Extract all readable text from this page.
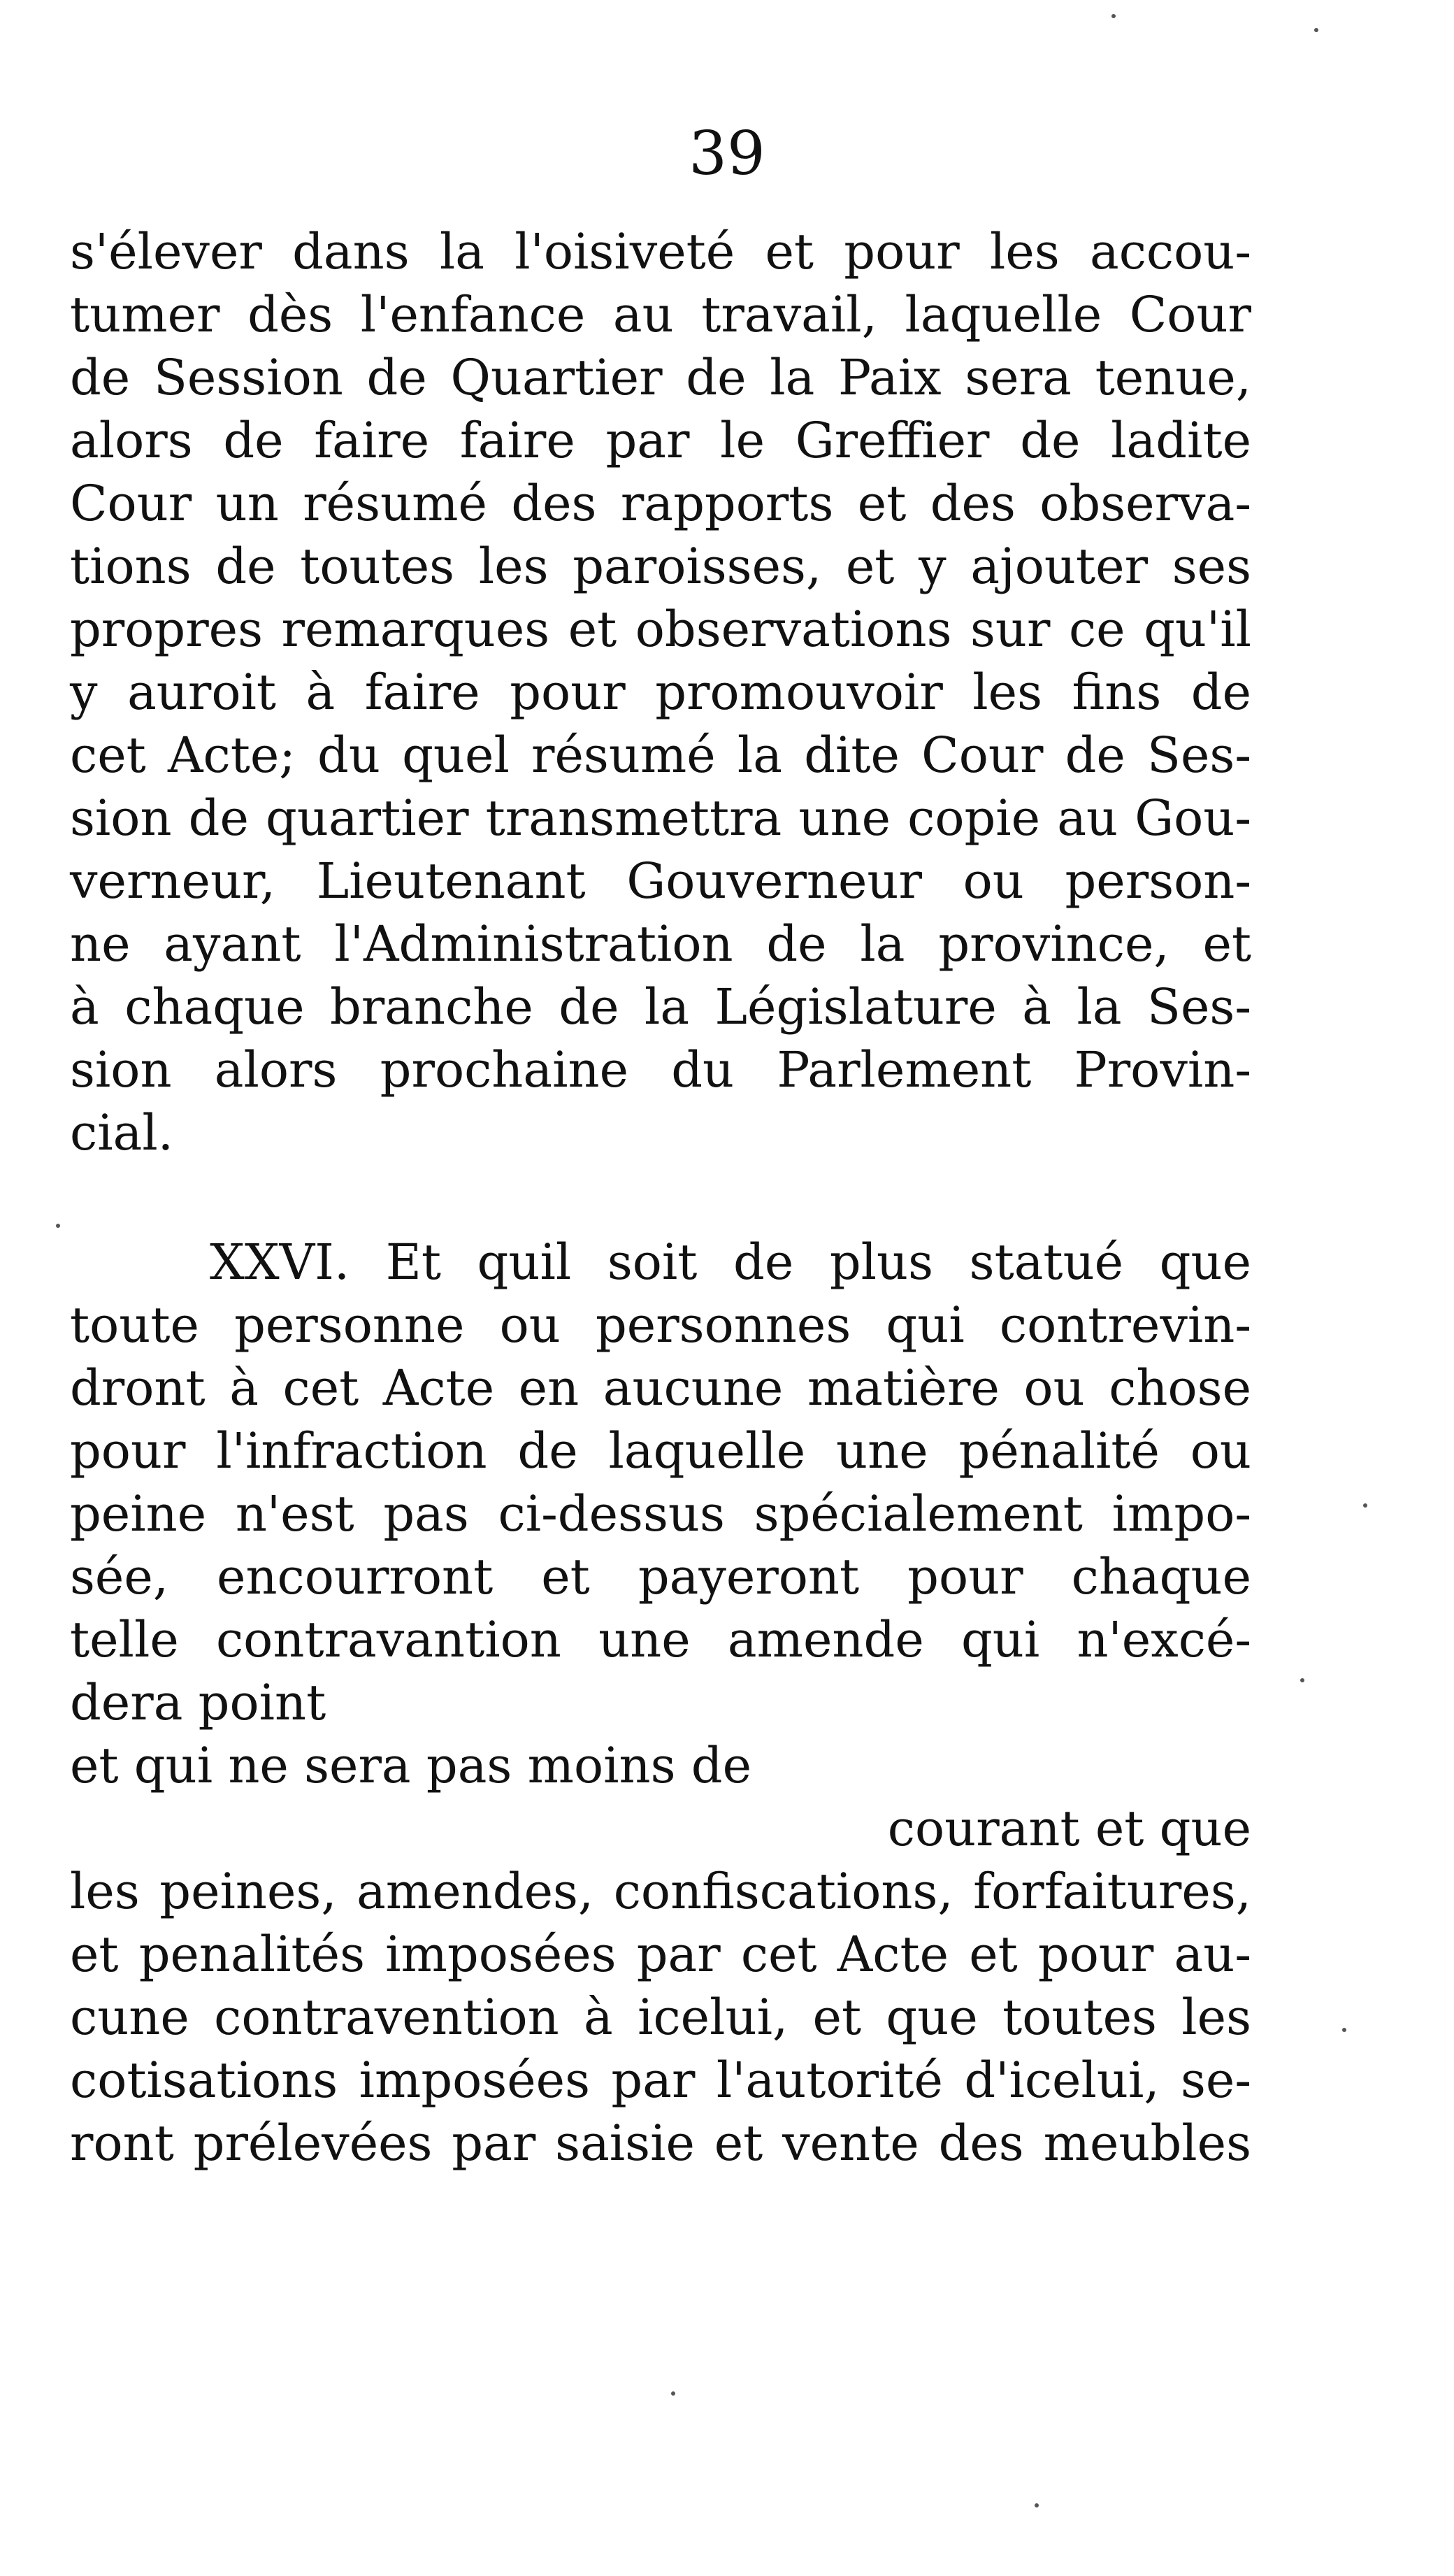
39
s'élever dans la l'oisiveté et pour les accou-
tumer dès l'enfance au travail, laquelle Cour
de Session de Quartier de la Paix sera tenue,
alors de faire faire par le Greffier de ladite
Cour un résumé des rapports et des observa-
tions de toutes les paroisses, et y ajouter ses
propres remarques et observations sur ce qu'il
y auroit à faire pour promouvoir les fins de
cet Acte; du quel résumé la dite Cour de Ses-
sion de quartier transmettra une copie au Gou-
verneur, Lieutenant Gouverneur ou person-
ne ayant l'Administration de la province, et
à chaque branche de la Législature à la Ses-
sion alors prochaine du Parlement Provin-
cial.
XXVI. Et quil soit de plus statué que
toute personne ou personnes qui contrevin-
dront à cet Acte en aucune matière ou chose
pour l'infraction de laquelle une pénalité ou
peine n'est pas ci-dessus spécialement impo-
sée, encourront et payeront pour chaque
telle contravantion une amende qui n'excé-
dera point
et qui ne sera pas moins de
courant et que
les peines, amendes, confiscations, forfaitures,
et penalités imposées par cet Acte et pour au-
cune contravention à icelui, et que toutes les
cotisations imposées par l'autorité d'icelui, se-
ront prélevées par saisie et vente des meubles
